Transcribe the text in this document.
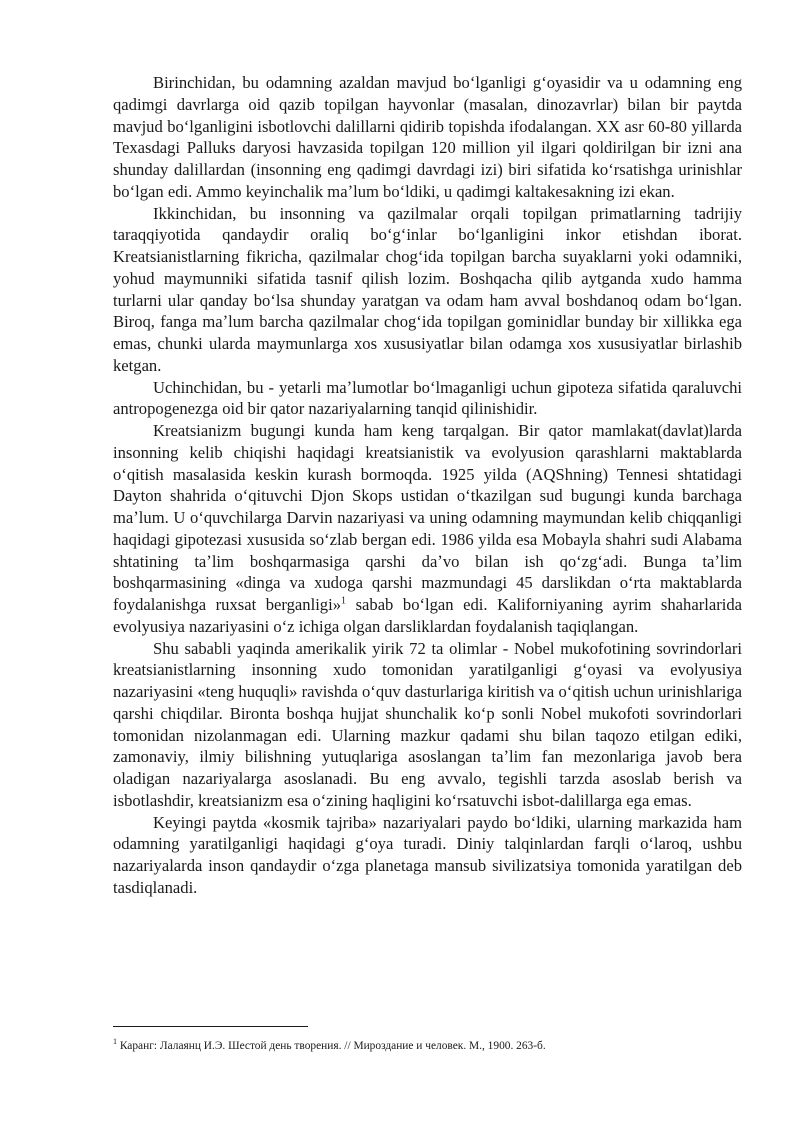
Birinchidan, bu odamning azaldan mavjud boʻlganligi gʻoyasidir va u odamning eng qadimgi davrlarga oid qazib topilgan hayvonlar (masalan, dinozavrlar) bilan bir paytda mavjud boʻlganligini isbotlovchi dalillarni qidirib topishda ifodalangan. XX asr 60-80 yillarda Texasdagi Palluks daryosi havzasida topilgan 120 million yil ilgari qoldirilgan bir izni ana shunday dalillardan (insonning eng qadimgi davrdagi izi) biri sifatida koʻrsatishga urinishlar boʻlgan edi. Ammo keyinchalik maʼlum boʻldiki, u qadimgi kaltakesakning izi ekan.

Ikkinchidan, bu insonning va qazilmalar orqali topilgan primatlarning tadrijiy taraqqiyotida qandaydir oraliq boʻgʻinlar boʻlganligini inkor etishdan iborat. Kreatsianistlarning fikricha, qazilmalar chogʻida topilgan barcha suyaklarni yoki odamniki, yohud maymunniki sifatida tasnif qilish lozim. Boshqacha qilib aytganda xudo hamma turlarni ular qanday boʻlsa shunday yaratgan va odam ham avval boshdanoq odam boʻlgan. Biroq, fanga maʼlum barcha qazilmalar chogʻida topilgan gominidlar bunday bir xillikka ega emas, chunki ularda maymunlarga xos xususiyatlar bilan odamga xos xususiyatlar birlashib ketgan.

Uchinchidan, bu - yetarli maʼlumotlar boʻlmaganligi uchun gipoteza sifatida qaraluvchi antropogenezga oid bir qator nazariyalarning tanqid qilinishidir.

Kreatsianizm bugungi kunda ham keng tarqalgan. Bir qator mamlakat(davlat)larda insonning kelib chiqishi haqidagi kreatsianistik va evolyusion qarashlarni maktablarda oʻqitish masalasida keskin kurash bormoqda. 1925 yilda (AQShning) Tennesi shtatidagi Dayton shahrida oʻqituvchi Djon Skops ustidan oʻtkazilgan sud bugungi kunda barchaga maʼlum. U oʻquvchilarga Darvin nazariyasi va uning odamning maymundan kelib chiqqanligi haqidagi gipotezasi xususida soʻzlab bergan edi. 1986 yilda esa Mobayla shahri sudi Alabama shtatining taʼlim boshqarmasiga qarshi daʼvo bilan ish qoʻzgʻadi. Bunga taʼlim boshqarmasining «dinga va xudoga qarshi mazmundagi 45 darslikdan oʻrta maktablarda foydalanishga ruxsat berganligi»$^1$ sabab boʻlgan edi. Kaliforniyaning ayrim shaharlarida evolyusiya nazariyasini oʻz ichiga olgan darsliklardan foydalanish taqiqlangan.

Shu sababli yaqinda amerikalik yirik 72 ta olimlar - Nobel mukofotining sovrindorlari kreatsianistlarning insonning xudo tomonidan yaratilganligi gʻoyasi va evolyusiya nazariyasini «teng huquqli» ravishda oʻquv dasturlariga kiritish va oʻqitish uchun urinishlariga qarshi chiqdilar. Bironta boshqa hujjat shunchalik koʻp sonli Nobel mukofoti sovrindorlari tomonidan nizolanmagan edi. Ularning mazkur qadami shu bilan taqozo etilgan ediki, zamonaviy, ilmiy bilishning yutuqlariga asoslangan taʼlim fan mezonlariga javob bera oladigan nazariyalarga asoslanadi. Bu eng avvalo, tegishli tarzda asoslab berish va isbotlashdir, kreatsianizm esa oʻzining haqligini koʻrsatuvchi isbot-dalillarga ega emas.

Keyingi paytda «kosmik tajriba» nazariyalari paydo boʻldiki, ularning markazida ham odamning yaratilganligi haqidagi gʻoya turadi. Diniy talqinlardan farqli oʻlaroq, ushbu nazariyalarda inson qandaydir oʻzga planetaga mansub sivilizatsiya tomonida yaratilgan deb tasdiqlanadi.

$^1$ Каранг: Лалаянц И.Э. Шестой день творения. // Мироздание и человек. М., 1900. 263-б.
